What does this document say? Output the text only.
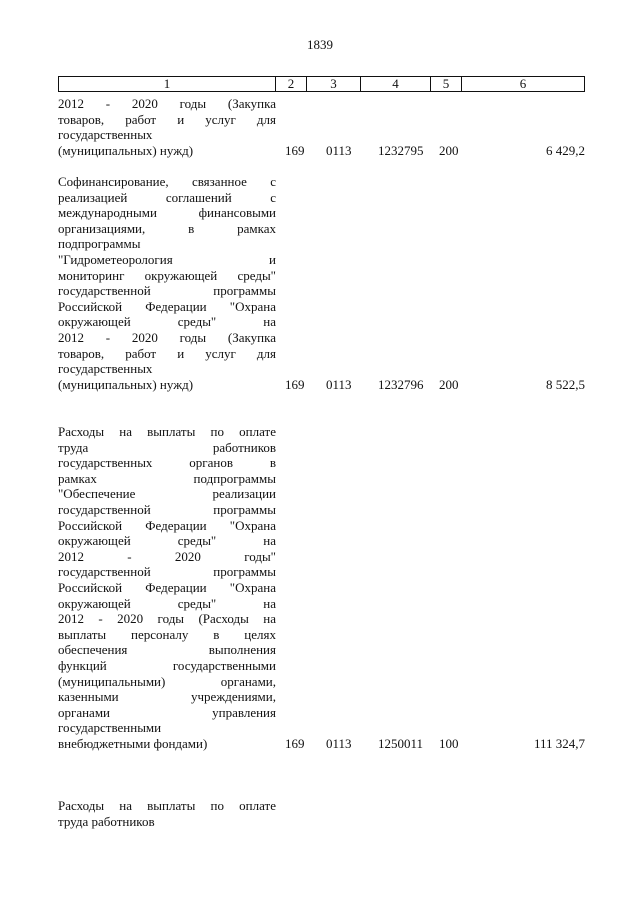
1839
1	2	3	4	5	6
2012 - 2020 годы (Закупка
товаров, работ и услуг для
государственных
(муниципальных) нужд)	169 0113 1232795 200	6 429,2
Софинансирование, связанное с
реализацией соглашений с
международными финансовыми
организациями, в рамках
подпрограммы
"Гидрометеорология и
мониторинг окружающей среды"
государственной программы
Российской Федерации "Охрана
окружающей среды" на
2012 - 2020 годы (Закупка
товаров, работ и услуг для
государственных
(муниципальных) нужд)	169 0113 1232796 200	8 522,5
Расходы на выплаты по оплате
труда работников
государственных органов в
рамках подпрограммы
"Обеспечение реализации
государственной программы
Российской Федерации "Охрана
окружающей среды" на
2012 - 2020 годы"
государственной программы
Российской Федерации "Охрана
окружающей среды" на
2012 - 2020 годы (Расходы на
выплаты персоналу в целях
обеспечения выполнения
функций государственными
(муниципальными) органами,
казенными учреждениями,
органами управления
государственными
внебюджетными фондами)	169 0113 1250011 100	111 324,7
Расходы на выплаты по оплате
труда работников
